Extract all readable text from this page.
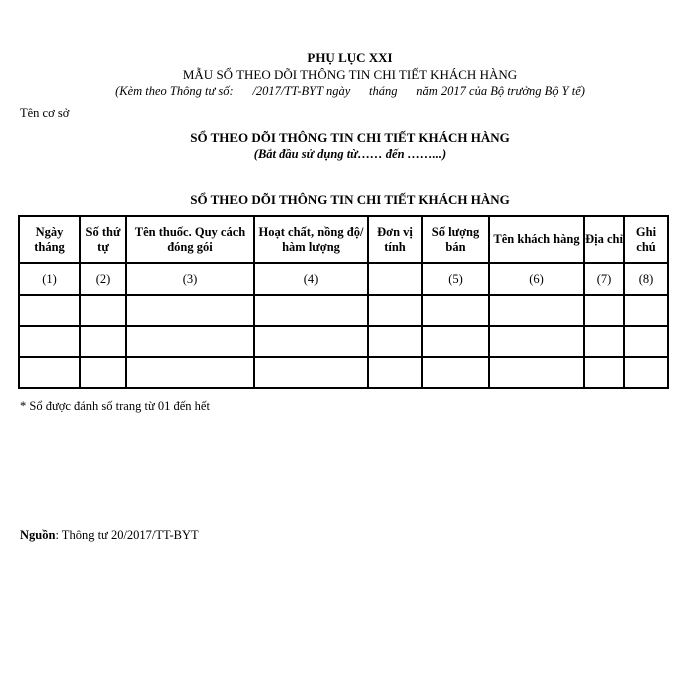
PHỤ LỤC XXI
MẪU SỔ THEO DÕI THÔNG TIN CHI TIẾT KHÁCH HÀNG
(Kèm theo Thông tư số:      /2017/TT-BYT ngày      tháng      năm 2017 của Bộ trưởng Bộ Y tế)
Tên cơ sở
SỔ THEO DÕI THÔNG TIN CHI TIẾT KHÁCH HÀNG
(Bắt đầu sử dụng từ…… đến ……...)
SỔ THEO DÕI THÔNG TIN CHI TIẾT KHÁCH HÀNG
Ngày tháng	Số thứ tự	Tên thuốc. Quy cách đóng gói	Hoạt chất, nồng độ/ hàm lượng	Đơn vị tính	Số lượng bán	Tên khách hàng	Địa chỉ	Ghi chú
(1)	(2)	(3)	(4)		(5)	(6)	(7)	(8)

* Sổ được đánh số trang từ 01 đến hết
Nguồn: Thông tư 20/2017/TT-BYT
